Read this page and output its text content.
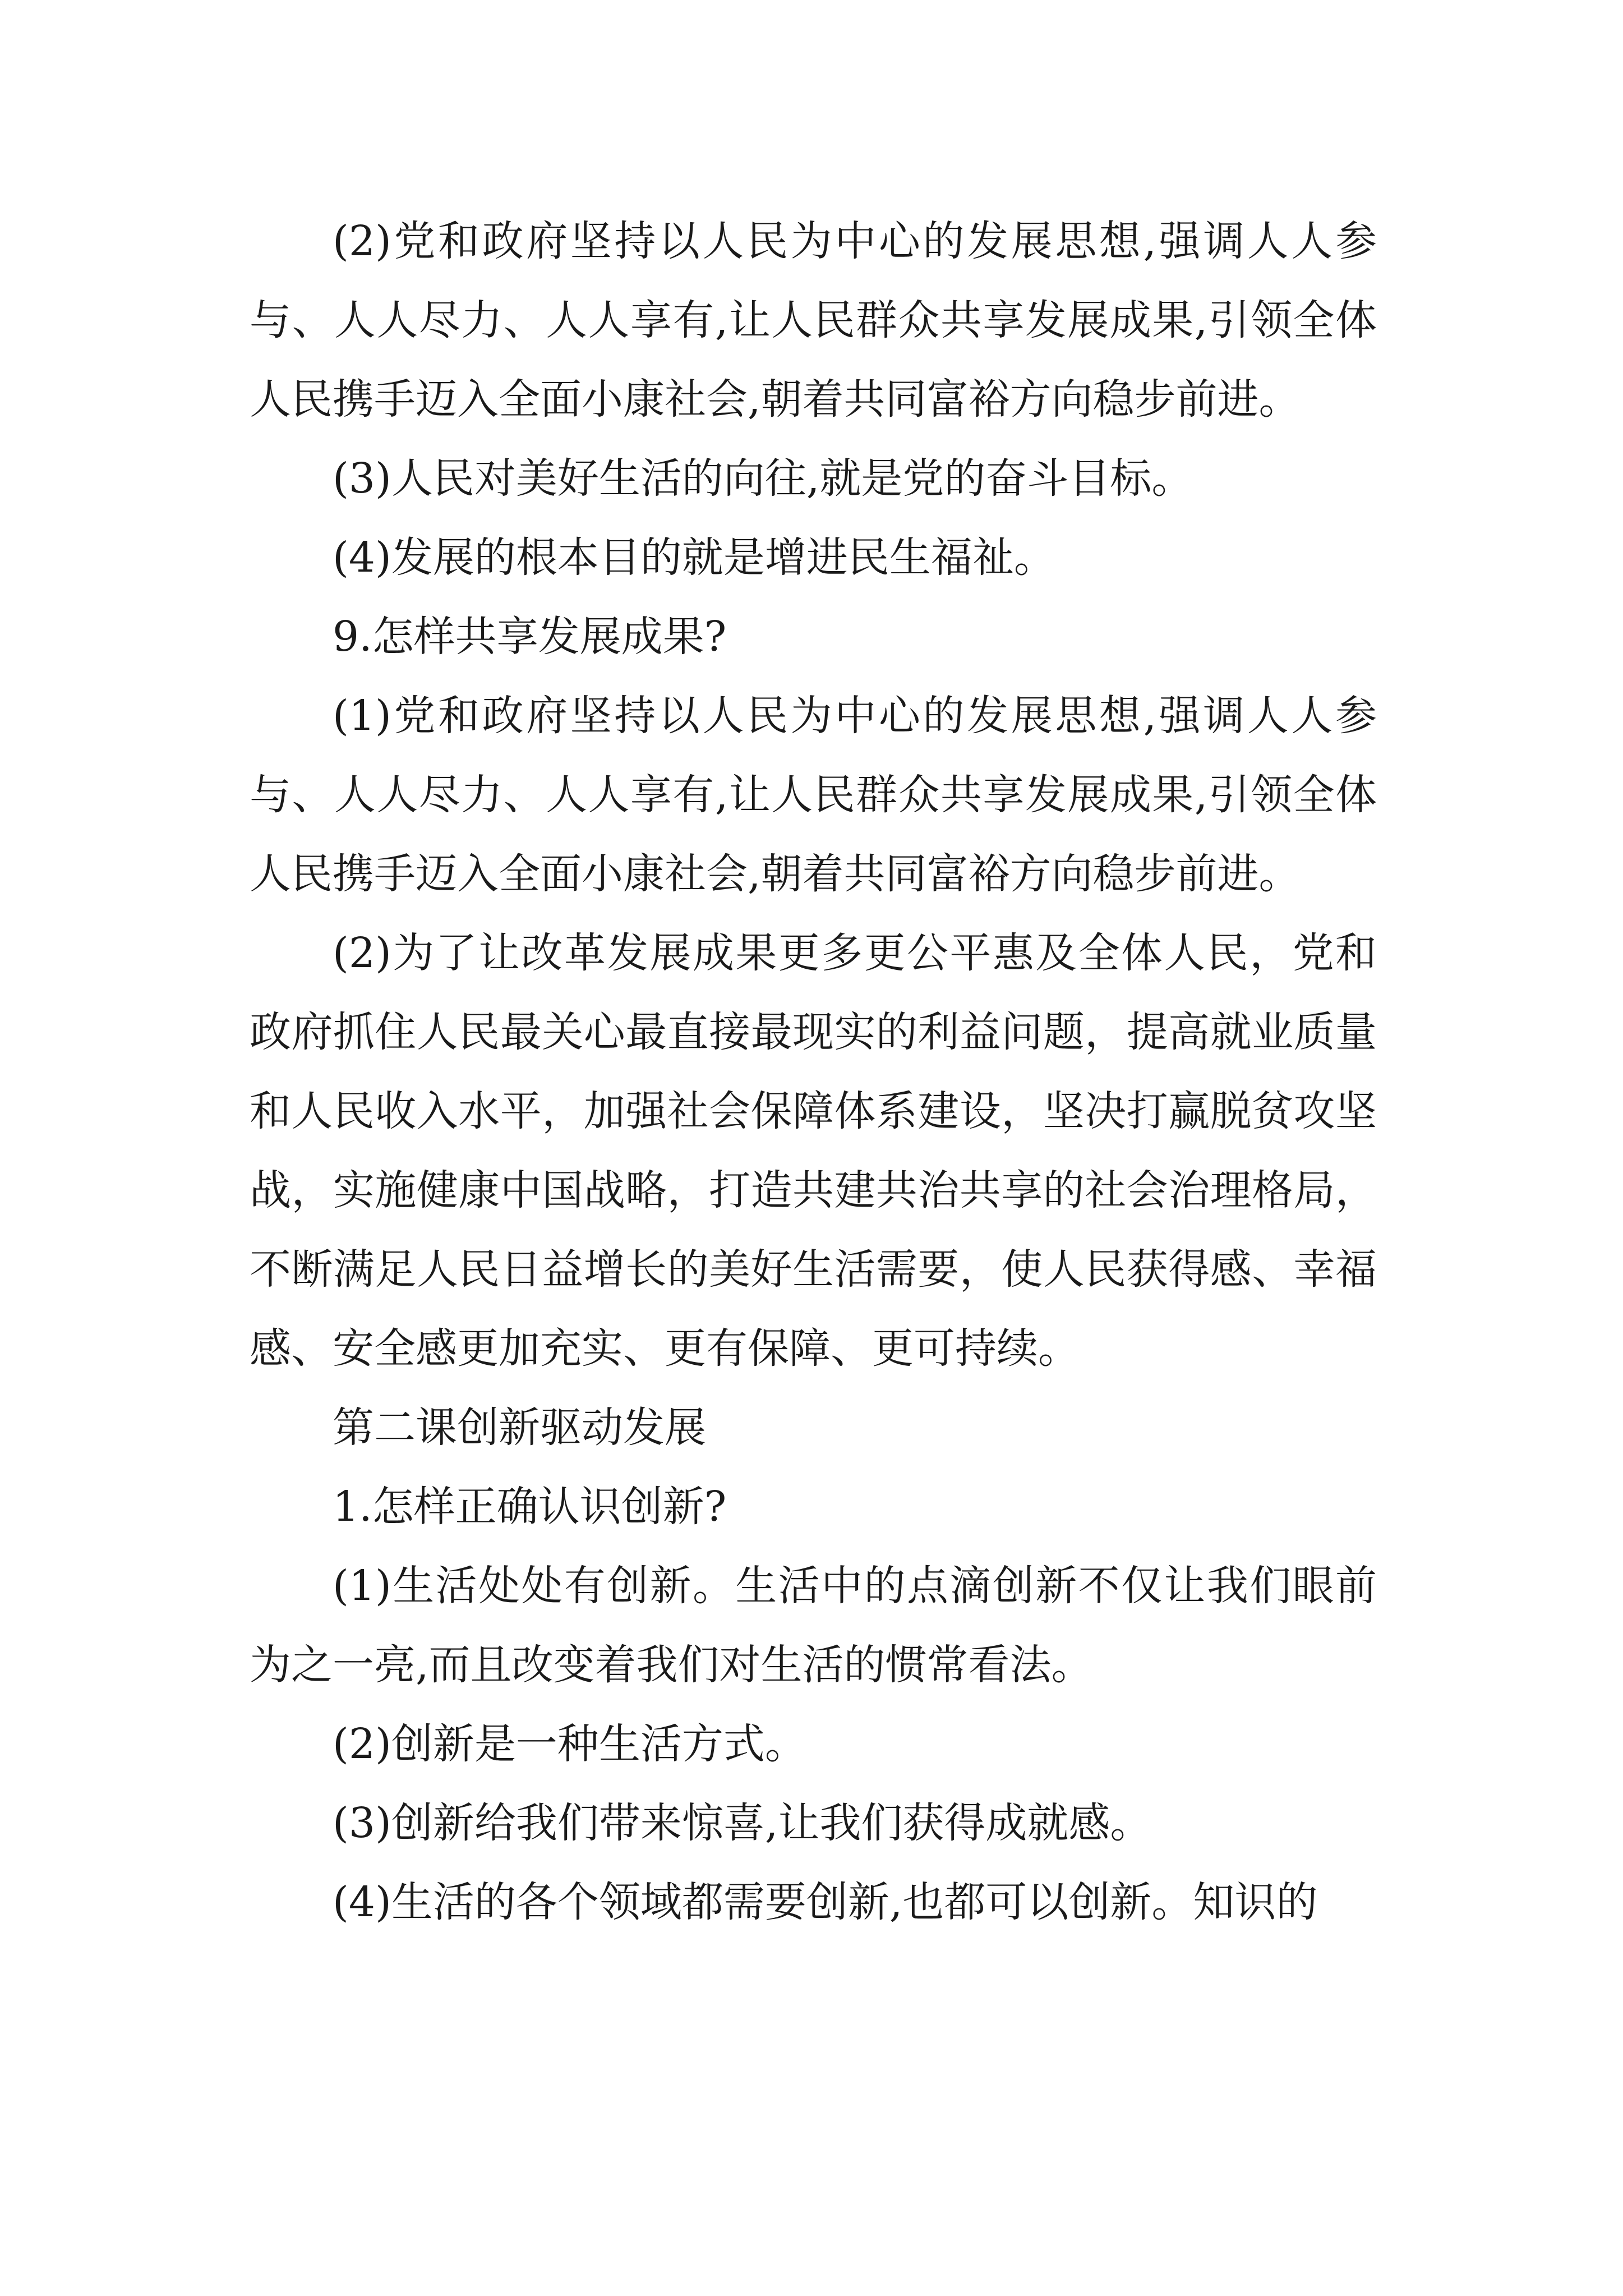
(2)党和政府坚持以人民为中心的发展思想,强调人人参与、人人尽力、人人享有,让人民群众共享发展成果,引领全体人民携手迈入全面小康社会,朝着共同富裕方向稳步前进。

(3)人民对美好生活的向往,就是党的奋斗目标。

(4)发展的根本目的就是增进民生福祉。

9.怎样共享发展成果?

(1)党和政府坚持以人民为中心的发展思想,强调人人参与、人人尽力、人人享有,让人民群众共享发展成果,引领全体人民携手迈入全面小康社会,朝着共同富裕方向稳步前进。

(2)为了让改革发展成果更多更公平惠及全体人民，党和政府抓住人民最关心最直接最现实的利益问题，提高就业质量和人民收入水平，加强社会保障体系建设，坚决打赢脱贫攻坚战，实施健康中国战略，打造共建共治共享的社会治理格局，不断满足人民日益增长的美好生活需要，使人民获得感、幸福感、安全感更加充实、更有保障、更可持续。

第二课创新驱动发展

1.怎样正确认识创新?

(1)生活处处有创新。生活中的点滴创新不仅让我们眼前为之一亮,而且改变着我们对生活的惯常看法。

(2)创新是一种生活方式。

(3)创新给我们带来惊喜,让我们获得成就感。

(4)生活的各个领域都需要创新,也都可以创新。知识的
